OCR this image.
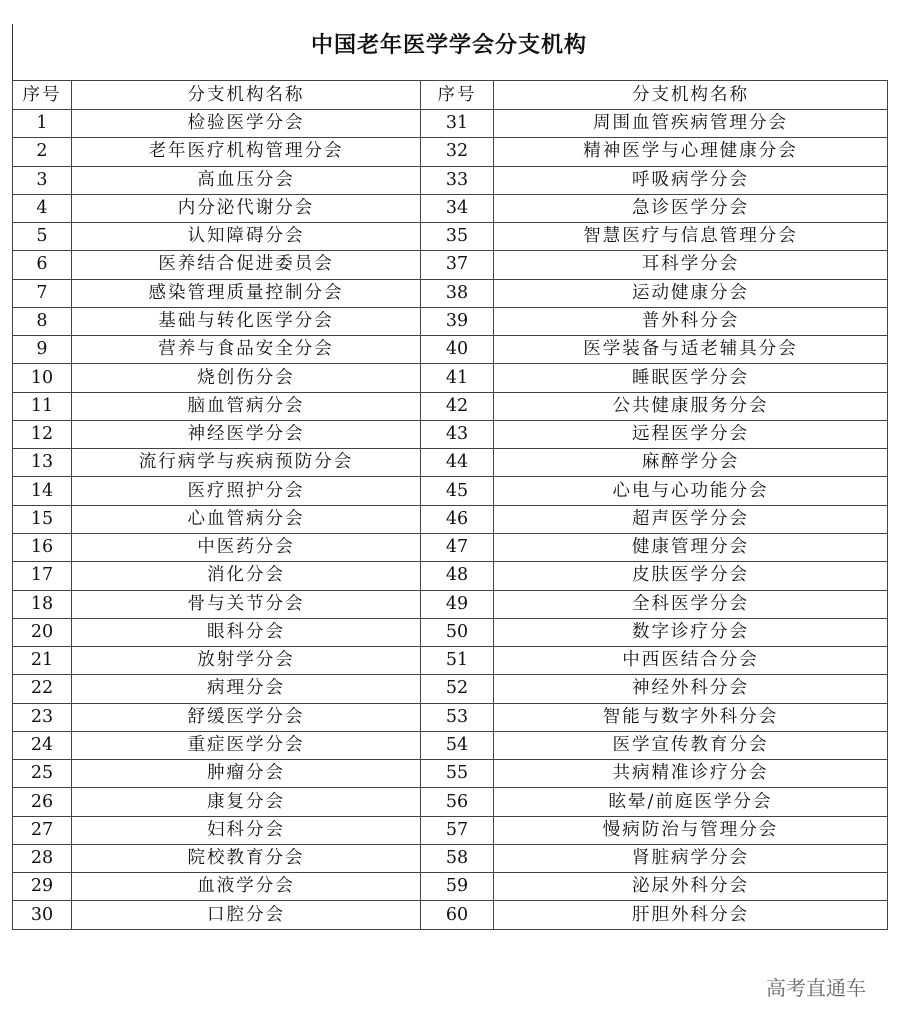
中国老年医学学会分支机构
序号	分支机构名称	序号	分支机构名称
1	检验医学分会	31	周围血管疾病管理分会
2	老年医疗机构管理分会	32	精神医学与心理健康分会
3	高血压分会	33	呼吸病学分会
4	内分泌代谢分会	34	急诊医学分会
5	认知障碍分会	35	智慧医疗与信息管理分会
6	医养结合促进委员会	37	耳科学分会
7	感染管理质量控制分会	38	运动健康分会
8	基础与转化医学分会	39	普外科分会
9	营养与食品安全分会	40	医学装备与适老辅具分会
10	烧创伤分会	41	睡眠医学分会
11	脑血管病分会	42	公共健康服务分会
12	神经医学分会	43	远程医学分会
13	流行病学与疾病预防分会	44	麻醉学分会
14	医疗照护分会	45	心电与心功能分会
15	心血管病分会	46	超声医学分会
16	中医药分会	47	健康管理分会
17	消化分会	48	皮肤医学分会
18	骨与关节分会	49	全科医学分会
20	眼科分会	50	数字诊疗分会
21	放射学分会	51	中西医结合分会
22	病理分会	52	神经外科分会
23	舒缓医学分会	53	智能与数字外科分会
24	重症医学分会	54	医学宣传教育分会
25	肿瘤分会	55	共病精准诊疗分会
26	康复分会	56	眩晕/前庭医学分会
27	妇科分会	57	慢病防治与管理分会
28	院校教育分会	58	肾脏病学分会
29	血液学分会	59	泌尿外科分会
30	口腔分会	60	肝胆外科分会
高考直通车
